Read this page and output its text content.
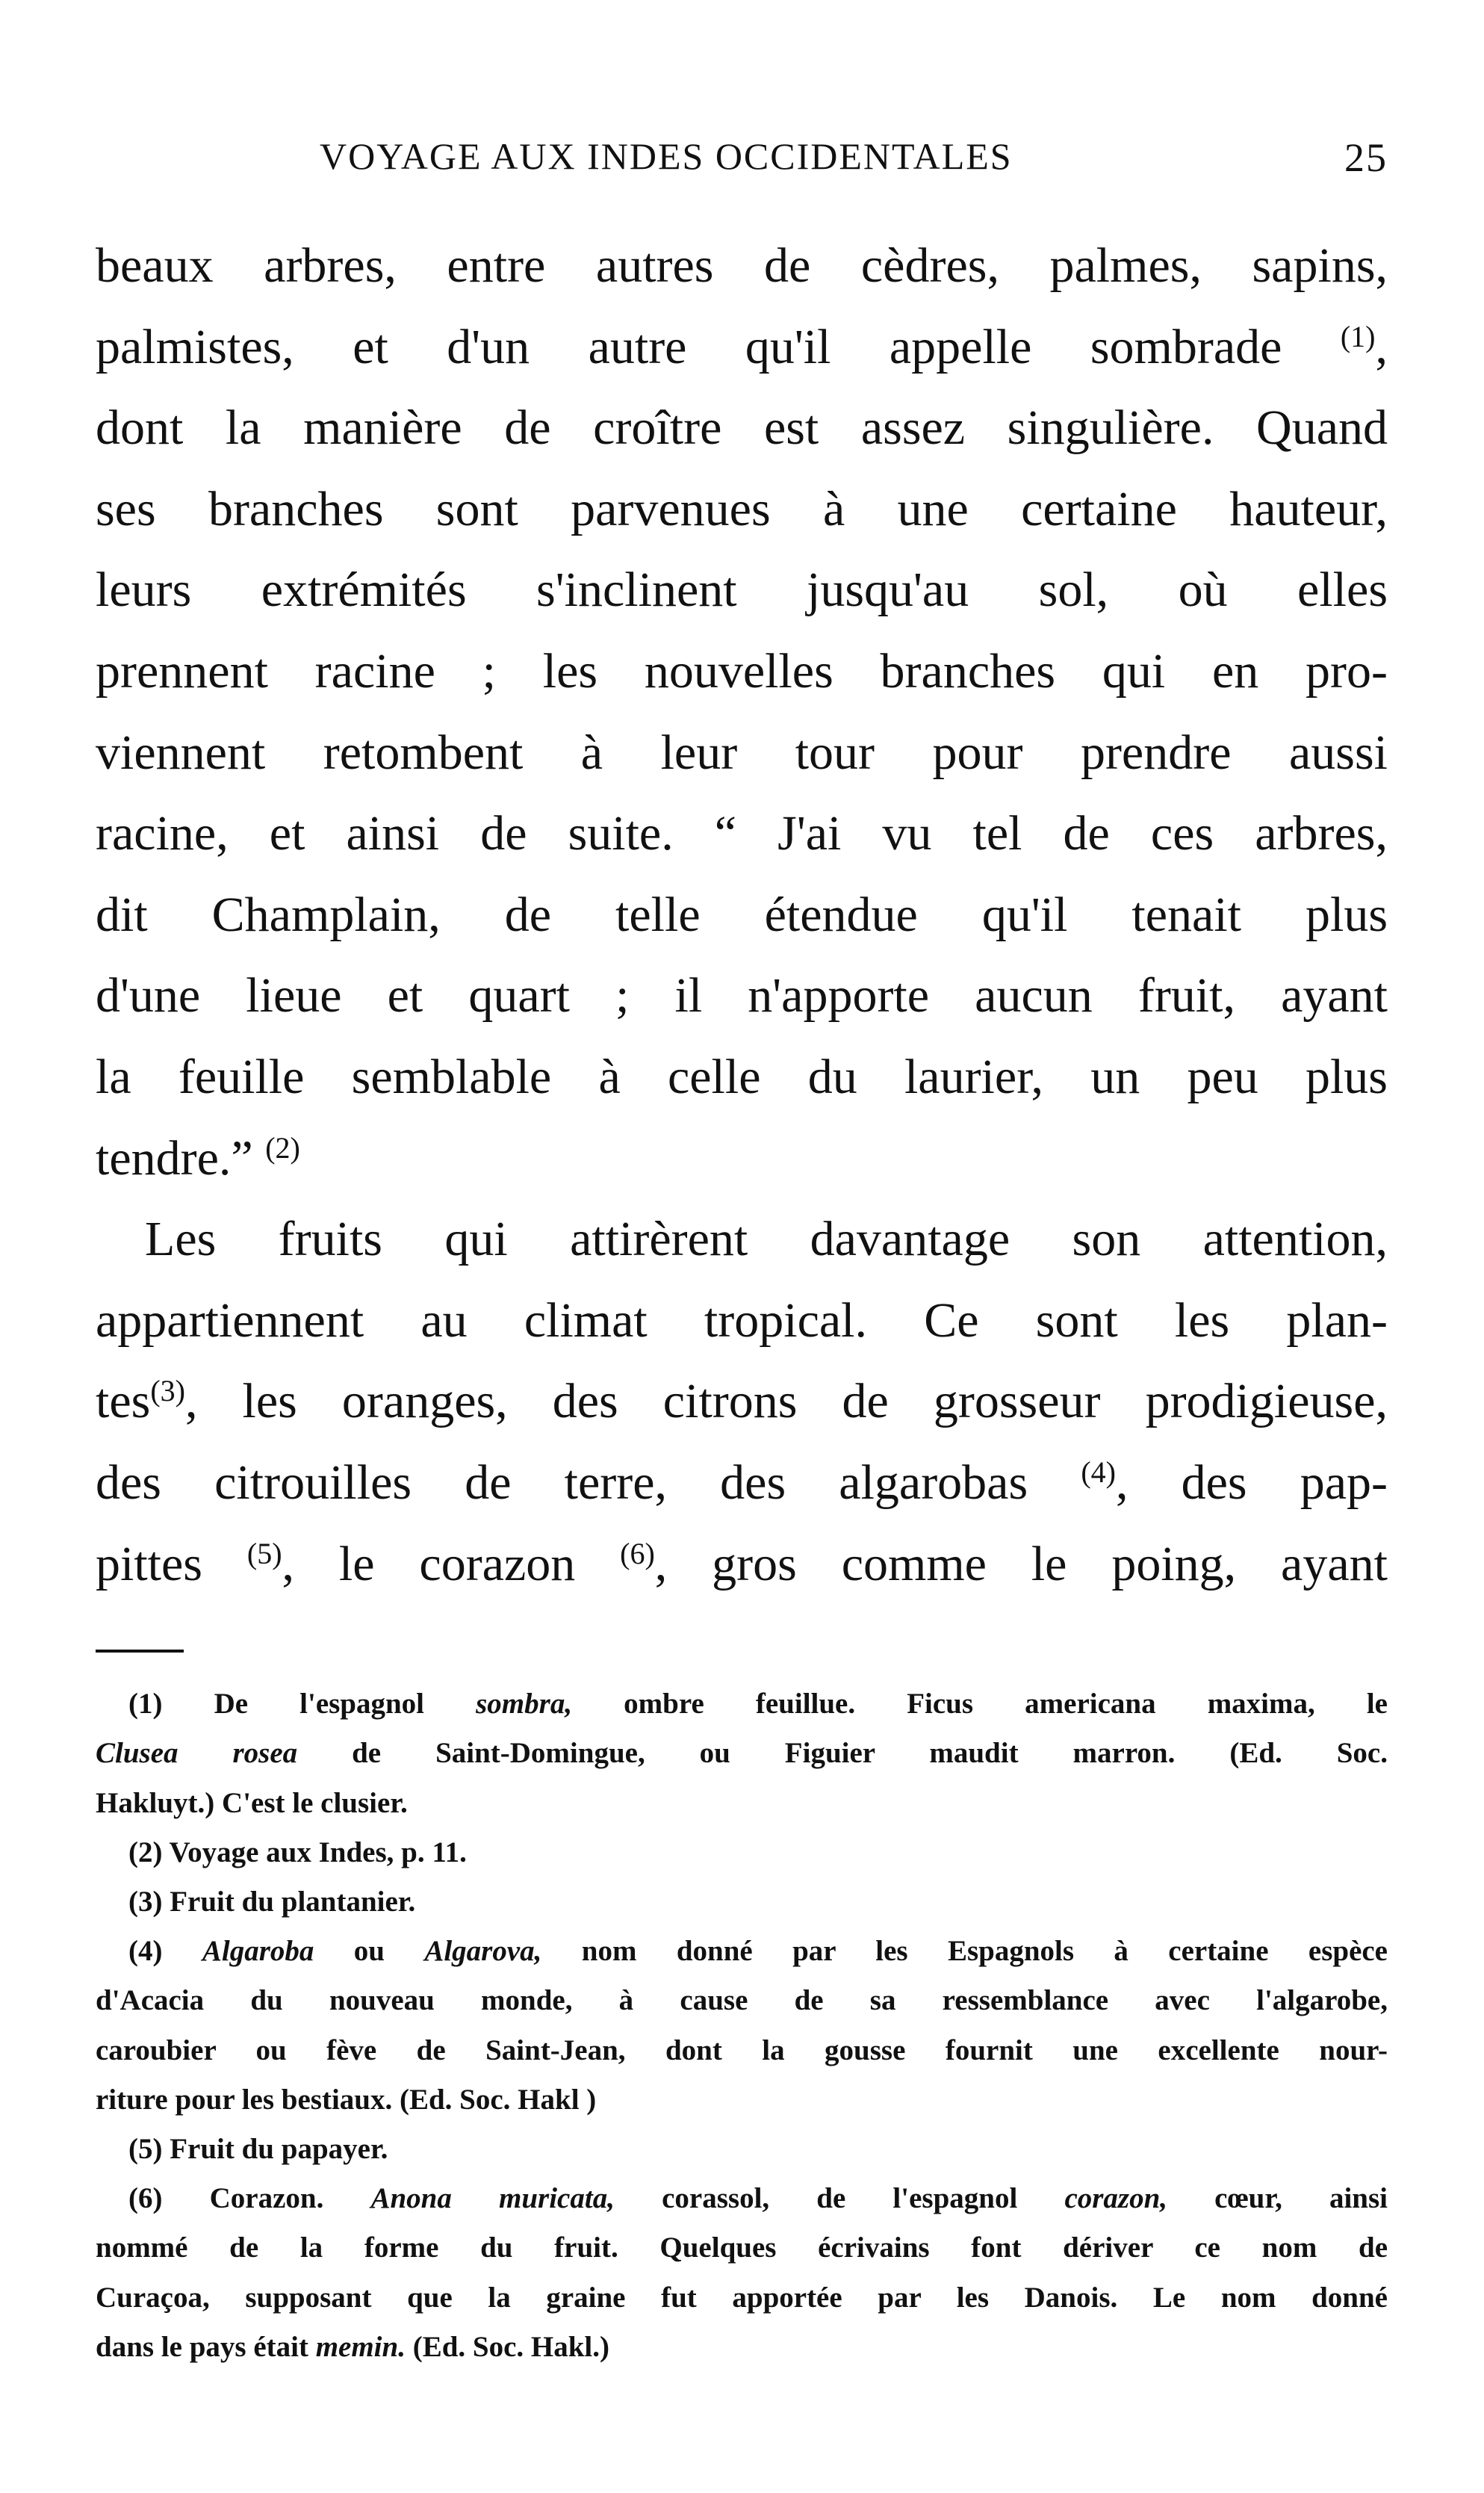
VOYAGE AUX INDES OCCIDENTALES	25

beaux arbres, entre autres de cèdres, palmes, sapins,
palmistes, et d'un autre qu'il appelle sombrade $^{(1)}$,
dont la manière de croître est assez singulière. Quand
ses branches sont parvenues à une certaine hauteur,
leurs extrémités s'inclinent jusqu'au sol, où elles
prennent racine ; les nouvelles branches qui en pro-
viennent retombent à leur tour pour prendre aussi
racine, et ainsi de suite. “ J'ai vu tel de ces arbres,
dit Champlain, de telle étendue qu'il tenait plus
d'une lieue et quart ; il n'apporte aucun fruit, ayant
la feuille semblable à celle du laurier, un peu plus
tendre.” $^{(2)}$

Les fruits qui attirèrent davantage son attention,
appartiennent au climat tropical. Ce sont les plan-
tes$^{(3)}$, les oranges, des citrons de grosseur prodigieuse,
des citrouilles de terre, des algarobas $^{(4)}$, des pap-
pittes $^{(5)}$, le corazon $^{(6)}$, gros comme le poing, ayant

(1) De l'espagnol sombra, ombre feuillue. Ficus americana maxima, le
Clusea rosea de Saint-Domingue, ou Figuier maudit marron. (Ed. Soc.
Hakluyt.) C'est le clusier.
(2) Voyage aux Indes, p. 11.
(3) Fruit du plantanier.
(4) Algaroba ou Algarova, nom donné par les Espagnols à certaine espèce
d'Acacia du nouveau monde, à cause de sa ressemblance avec l'algarobe,
caroubier ou fève de Saint-Jean, dont la gousse fournit une excellente nour-
riture pour les bestiaux. (Ed. Soc. Hakl )
(5) Fruit du papayer.
(6) Corazon. Anona muricata, corassol, de l'espagnol corazon, cœur, ainsi
nommé de la forme du fruit. Quelques écrivains font dériver ce nom de
Curaçoa, supposant que la graine fut apportée par les Danois. Le nom donné
dans le pays était memin. (Ed. Soc. Hakl.)
